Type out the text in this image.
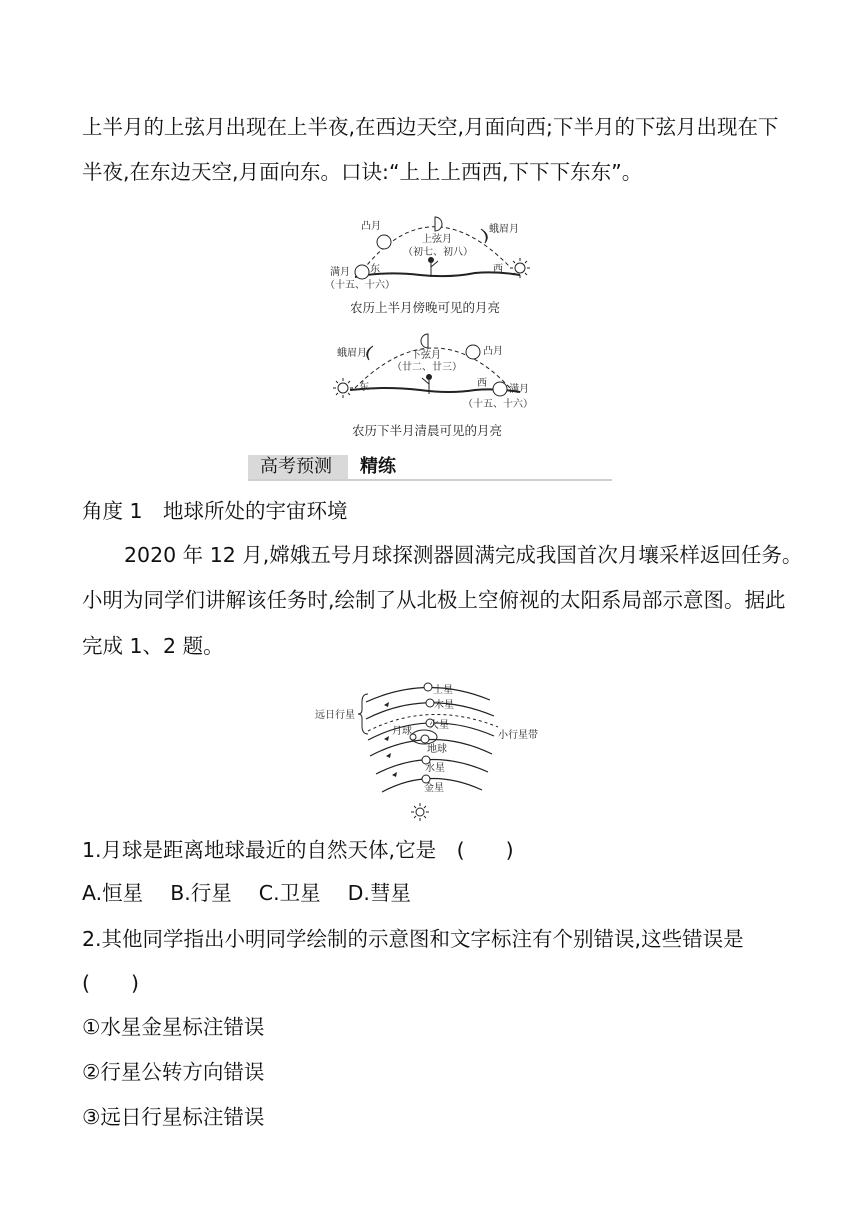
上半月的上弦月出现在上半夜,在西边天空,月面向西;下半月的下弦月出现在下
半夜,在东边天空,月面向东。口诀:“上上上西西,下下下东东”。
凸月
上弦月
（初七、初八）
蛾眉月
满月
（十五、十六）
东	西
农历上半月傍晚可见的月亮
蛾眉月	下弦月
（廿二、廿三）
凸月
东	西
满月
（十五、十六）
农历下半月清晨可见的月亮
高考预测 精练
角度 1　地球所处的宇宙环境
2020 年 12 月,嫦娥五号月球探测器圆满完成我国首次月壤采样返回任务。
小明为同学们讲解该任务时,绘制了从北极上空俯视的太阳系局部示意图。据此
完成 1、2 题。
远日行星
土星
木星
火星
月球
地球
水星
金星
小行星带
1.月球是距离地球最近的自然天体,它是　(　　)
A.恒星　 B.行星　 C.卫星　 D.彗星
2.其他同学指出小明同学绘制的示意图和文字标注有个别错误,这些错误是
(　　)
①水星金星标注错误
②行星公转方向错误
③远日行星标注错误
